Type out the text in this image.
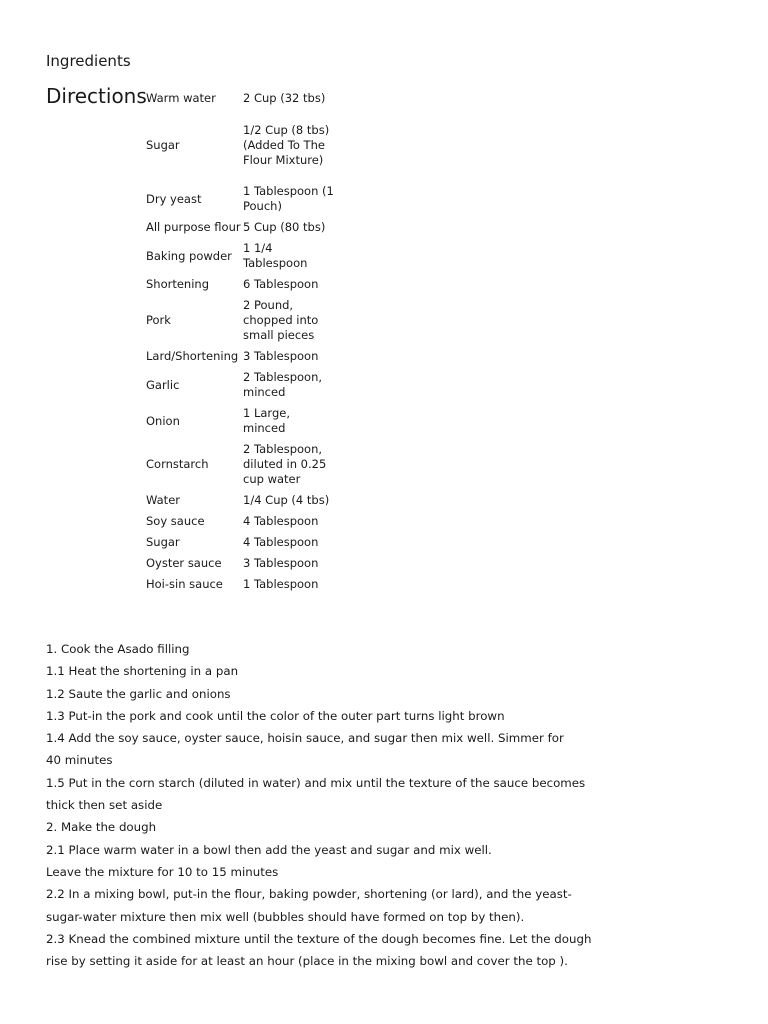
Ingredients
Directions Warm water	2 Cup (32 tbs)
Sugar	1/2 Cup (8 tbs) (Added To The Flour Mixture)
Dry yeast	1 Tablespoon (1 Pouch)
All purpose flour	5 Cup (80 tbs)
Baking powder	1 1/4 Tablespoon
Shortening	6 Tablespoon
Pork	2 Pound, chopped into small pieces
Lard/Shortening	3 Tablespoon
Garlic	2 Tablespoon, minced
Onion	1 Large, minced
Cornstarch	2 Tablespoon, diluted in 0.25 cup water
Water	1/4 Cup (4 tbs)
Soy sauce	4 Tablespoon
Sugar	4 Tablespoon
Oyster sauce	3 Tablespoon
Hoi-sin sauce	1 Tablespoon

1. Cook the Asado filling

1.1 Heat the shortening in a pan

1.2 Saute the garlic and onions

1.3 Put-in the pork and cook until the color of the outer part turns light brown

1.4 Add the soy sauce, oyster sauce, hoisin sauce, and sugar then mix well. Simmer for

40 minutes

1.5 Put in the corn starch (diluted in water) and mix until the texture of the sauce becomes thick then set aside

2. Make the dough

2.1 Place warm water in a bowl then add the yeast and sugar and mix well.

Leave the mixture for 10 to 15 minutes

2.2 In a mixing bowl, put-in the flour, baking powder, shortening (or lard), and the yeast-sugar-water mixture then mix well (bubbles should have formed on top by then).

2.3 Knead the combined mixture until the texture of the dough becomes fine. Let the dough rise by setting it aside for at least an hour (place in the mixing bowl and cover the top ).
